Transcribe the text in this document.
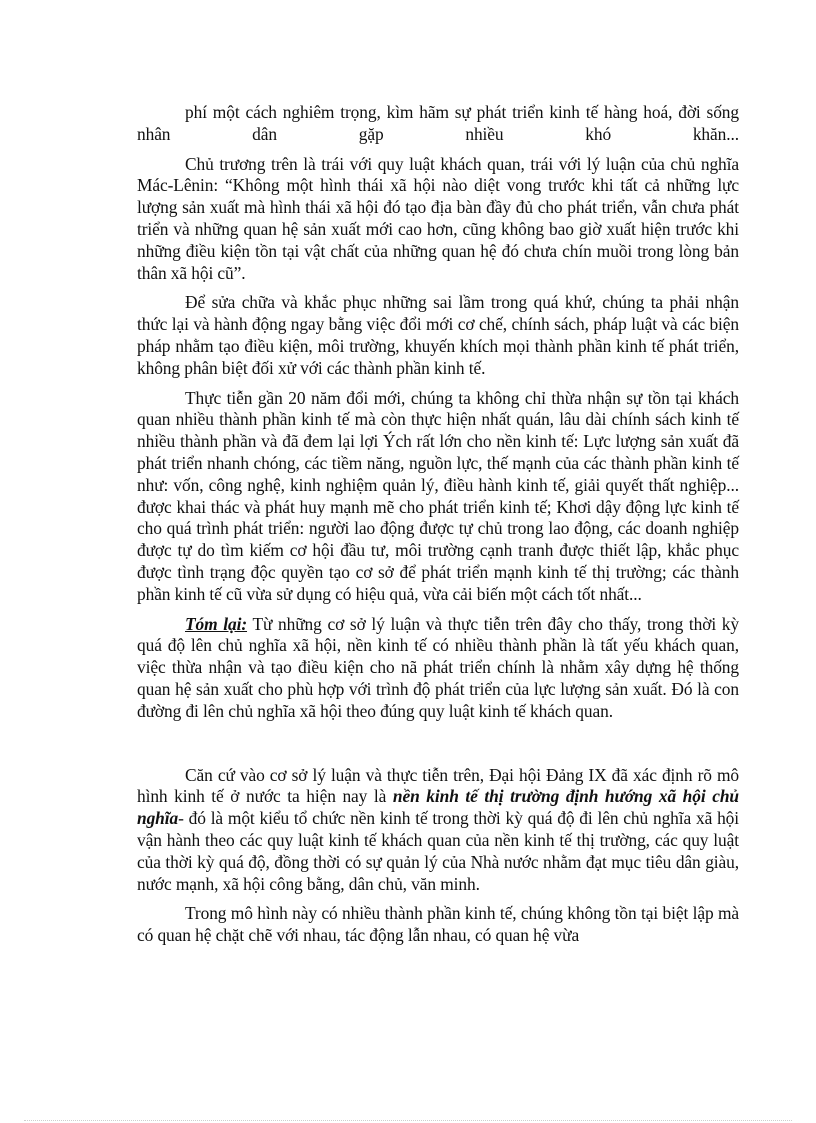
phí một cách nghiêm trọng, kìm hãm sự phát triển kinh tế hàng hoá, đời sống nhân dân gặp nhiều khó khăn...

Chủ trương trên là trái với quy luật khách quan, trái với lý luận của chủ nghĩa Mác-Lênin: “Không một hình thái xã hội nào diệt vong trước khi tất cả những lực lượng sản xuất mà hình thái xã hội đó tạo địa bàn đầy đủ cho phát triển, vẫn chưa phát triển và những quan hệ sản xuất mới cao hơn, cũng không bao giờ xuất hiện trước khi những điều kiện tồn tại vật chất của những quan hệ đó chưa chín muồi trong lòng bản thân xã hội cũ”.

Để sửa chữa và khắc phục những sai lầm trong quá khứ, chúng ta phải nhận thức lại và hành động ngay bằng việc đổi mới cơ chế, chính sách, pháp luật và các biện pháp nhằm tạo điều kiện, môi trường, khuyến khích mọi thành phần kinh tế phát triển, không phân biệt đối xử với các thành phần kinh tế.

Thực tiễn gần 20 năm đổi mới, chúng ta không chỉ thừa nhận sự tồn tại khách quan nhiều thành phần kinh tế mà còn thực hiện nhất quán, lâu dài chính sách kinh tế nhiều thành phần và đã đem lại lợi Ých rất lớn cho nền kinh tế: Lực lượng sản xuất đã phát triển nhanh chóng, các tiềm năng, nguồn lực, thế mạnh của các thành phần kinh tế như: vốn, công nghệ, kinh nghiệm quản lý, điều hành kinh tế, giải quyết thất nghiệp... được khai thác và phát huy mạnh mẽ cho phát triển kinh tế; Khơi dậy động lực kinh tế cho quá trình phát triển: người lao động được tự chủ trong lao động, các doanh nghiệp được tự do tìm kiếm cơ hội đầu tư, môi trường cạnh tranh được thiết lập, khắc phục được tình trạng độc quyền tạo cơ sở để phát triển mạnh kinh tế thị trường; các thành phần kinh tế cũ vừa sử dụng có hiệu quả, vừa cải biến một cách tốt nhất...

Tóm lại: Từ những cơ sở lý luận và thực tiễn trên đây cho thấy, trong thời kỳ quá độ lên chủ nghĩa xã hội, nền kinh tế có nhiều thành phần là tất yếu khách quan, việc thừa nhận và tạo điều kiện cho nã phát triển chính là nhằm xây dựng hệ thống quan hệ sản xuất cho phù hợp với trình độ phát triển của lực lượng sản xuất. Đó là con đường đi lên chủ nghĩa xã hội theo đúng quy luật kinh tế khách quan.

Căn cứ vào cơ sở lý luận và thực tiễn trên, Đại hội Đảng IX đã xác định rõ mô hình kinh tế ở nước ta hiện nay là nền kinh tế thị trường định hướng xã hội chủ nghĩa- đó là một kiểu tổ chức nền kinh tế trong thời kỳ quá độ đi lên chủ nghĩa xã hội vận hành theo các quy luật kinh tế khách quan của nền kinh tế thị trường, các quy luật của thời kỳ quá độ, đồng thời có sự quản lý của Nhà nước nhằm đạt mục tiêu dân giàu, nước mạnh, xã hội công bằng, dân chủ, văn minh.

Trong mô hình này có nhiều thành phần kinh tế, chúng không tồn tại biệt lập mà có quan hệ chặt chẽ với nhau, tác động lẫn nhau, có quan hệ vừa
